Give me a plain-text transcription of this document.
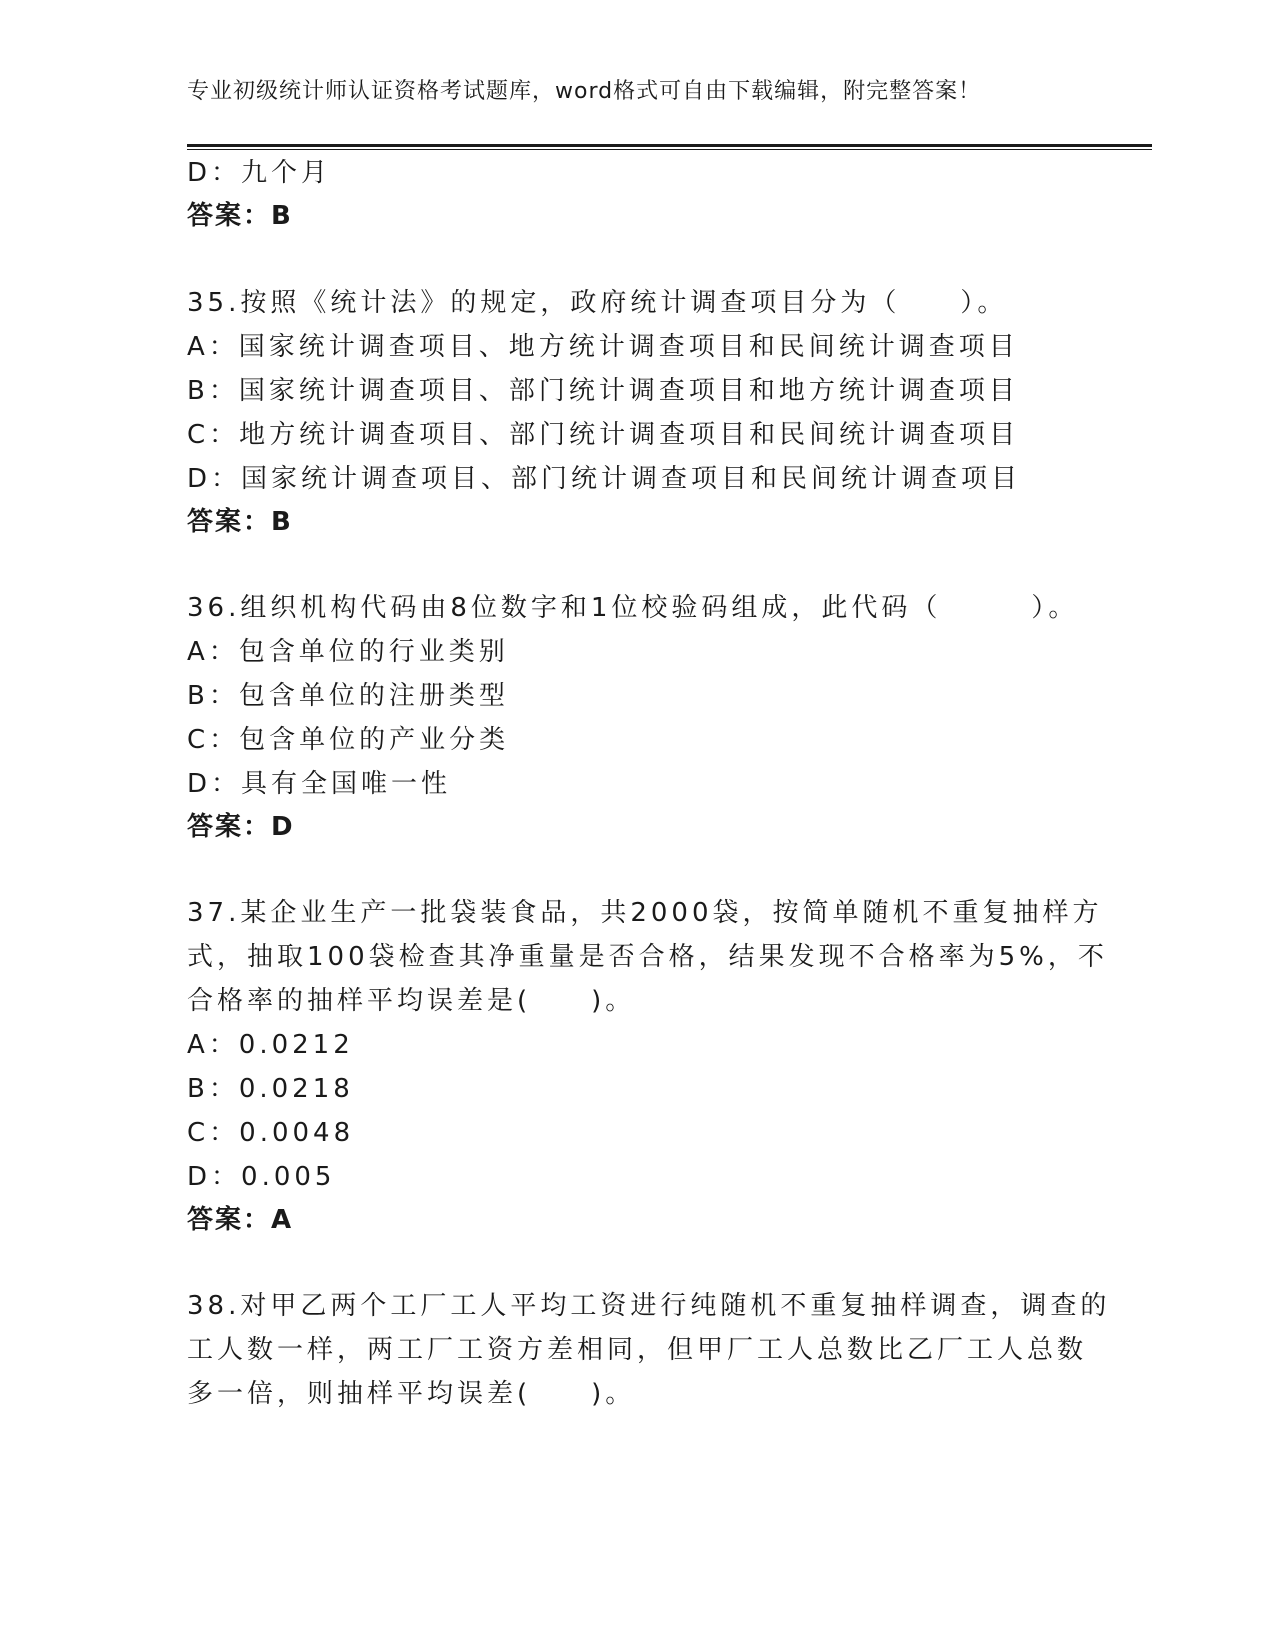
专业初级统计师认证资格考试题库，word格式可自由下载编辑，附完整答案！
D：九个月
答案：B
35.按照《统计法》的规定，政府统计调查项目分为（　　）。
A：国家统计调查项目、地方统计调查项目和民间统计调查项目
B：国家统计调查项目、部门统计调查项目和地方统计调查项目
C：地方统计调查项目、部门统计调查项目和民间统计调查项目
D：国家统计调查项目、部门统计调查项目和民间统计调查项目
答案：B
36.组织机构代码由8位数字和1位校验码组成，此代码（　　　）。
A：包含单位的行业类别
B：包含单位的注册类型
C：包含单位的产业分类
D：具有全国唯一性
答案：D
37.某企业生产一批袋装食品，共2000袋，按简单随机不重复抽样方
式，抽取100袋检查其净重量是否合格，结果发现不合格率为5%，不
合格率的抽样平均误差是(　　)。
A：0.0212
B：0.0218
C：0.0048
D：0.005
答案：A
38.对甲乙两个工厂工人平均工资进行纯随机不重复抽样调查，调查的
工人数一样，两工厂工资方差相同，但甲厂工人总数比乙厂工人总数
多一倍，则抽样平均误差(　　)。
